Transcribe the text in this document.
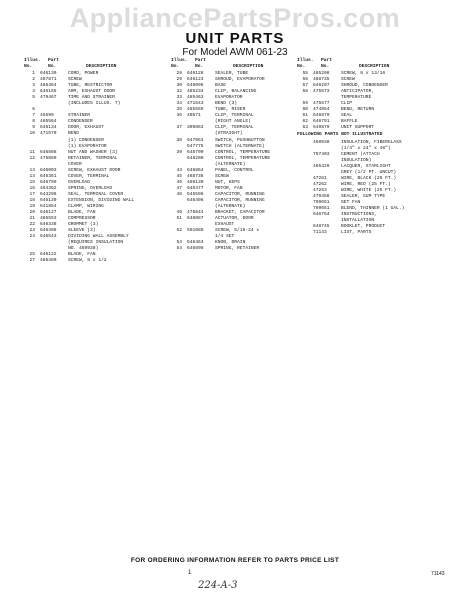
AppliancePartsPros.com
UNIT PARTS
For Model AWM 061-23
Illus. Part
No.	No.	DESCRIPTION
1	646130	CORD, POWER
2	487871	SCREW
3	486464	TUBE, RESTRICTOR
4	646165	ARM, EXHAUST DOOR
5	479467	TIME AND STRAINER
(INCLUDES ILLUS. 7)
6
7	45599	STRAINER
8	485564	CONDENSER
9	646134	DOOR, EXHAUST
10	471570	BEND
(1) CONDENSER
(1) EVAPORATOR
11	646888	NUT AND WASHER (3)
12	475060	RETAINER, TERMINAL
COVER
13	646003	SCREW, EXHAUST DOOR
14	646361	COVER, TERMINAL
15	646799	OVERLOAD
16	464362	SPRING, OVERLOAD
17	643296	SEAL, TERMINAL COVER
18	646130	EXTENSION, DIVIDING WALL
19	641854	CLAMP, WIRING
20	646127	BLADE, FAN
21	485553	COMPRESSOR
22	646338	GROMMET (3)
23	646498	SLEEVE (3)
24	646543	DIVIDING WALL ASSEMBLY
(REQUIRES INSULATION
NO. 469938)
25	646122	BLADE, FAN
27	486480	SCREW, 8 x 1/2
Illus. Part
No.	No.	DESCRIPTION
28	646128	SEALER, TUBE
29	646123	SHROUD, EVAPORATOR
30	646096	BASE
32	485234	CLIP, BALANCING
33	485463	EVAPORATOR
34	471543	BEND (3)
35	485559	TUBE, RISER
36	40571	CLIP, TERMINAL
(RIGHT ANGLE)
37	309863	CLIP, TERMINAL
(STRAIGHT)
38	647063	SWITCH, PUSHBUTTON
647775	SWITCH (ALTERNATE)
39	648700	CONTROL, TEMPERATURE
648200	CONTROL, TEMPERATURE
(ALTERNATE)
43	646864	PANEL, CONTROL
45	468736	SCREW
46	486130	NUT, KEPS
47	646477	MOTOR, FAN
48	645598	CAPACITOR, RUNNING
646406	CAPACITOR, RUNNING
(ALTERNATE)
49	476844	BRACKET, CAPACITOR
51	646087	ACTUATOR, DOOR
EXHAUST
52	591088	SCREW, 5/16-24 x
1/4 SET
53	646463	KNOB, DRAIN
54	646898	SPRING, RETAINER
Illus. Part
No.	No.	DESCRIPTION
55	485208	SCREW, 8 x 13/16
56	488735	SCREW
57	646297	SHROUD, CONDENSER
58	475573	ANTICIPATOR,
TEMPERATURE
59	475677	CLIP
60	474954	BEND, RETURN
61	646870	SEAL
62	646791	BAFFLE
63	649879	UNIT SUPPORT
FOLLOWING PARTS NOT ILLUSTRATED
469938	INSULATION, FIBERGLASS
(1/4" x 24" x 48")
797403	CEMENT (ATTACH
INSULATION)
485426	LACQUER, STARLIGHT
GREY (1/2 PT. UNCUT)
47261	WIRE, BLACK (25 FT.)
47262	WIRE, RED (25 FT.)
47263	WIRE, WHITE (25 FT.)
479458	SEALER, GUM TYPE
799651	SET FAN
799651	BLEND, THINNER (1 GAL.)
646764	INSTRUCTIONS,
INSTALLATION
648745	BOOKLET, PRODUCT
71143	LIST, PARTS
FOR ORDERING INFORMATION REFER TO PARTS PRICE LIST
1	71143
224-A-3
